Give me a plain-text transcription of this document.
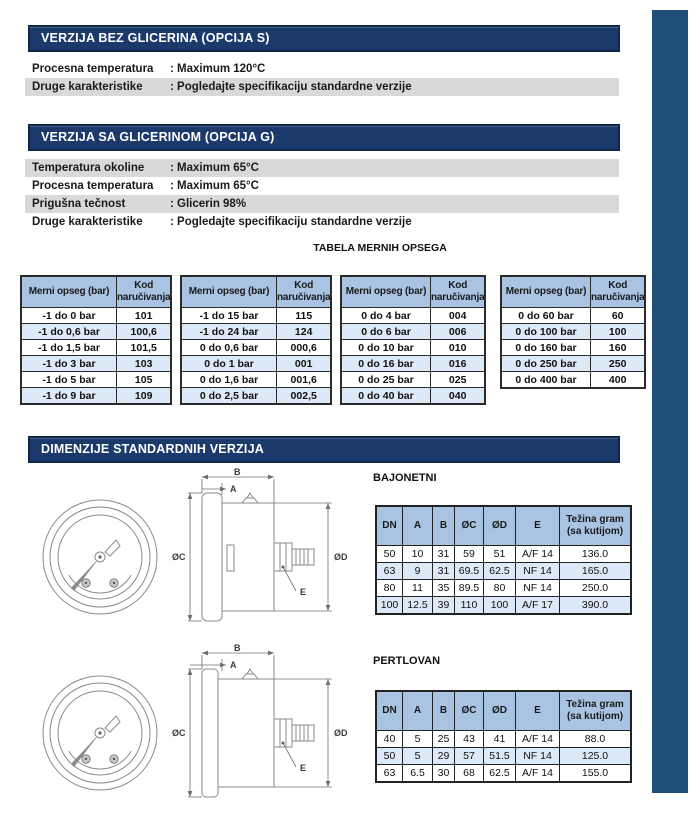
VERZIJA BEZ GLICERINA (OPCIJA S)
Procesna temperatura	: Maximum 120°C
Druge karakteristike	: Pogledajte specifikaciju standardne verzije
VERZIJA SA GLICERINOM (OPCIJA G)
Temperatura okoline	: Maximum 65°C
Procesna temperatura	: Maximum 65°C
Prigušna tečnost	: Glicerin 98%
Druge karakteristike	: Pogledajte specifikaciju standardne verzije
TABELA MERNIH OPSEGA
Merni opseg (bar)	Kod naručivanja
-1 do 0 bar	101
-1 do 0,6 bar	100,6
-1 do 1,5 bar	101,5
-1 do 3 bar	103
-1 do 5 bar	105
-1 do 9 bar	109
Merni opseg (bar)	Kod naručivanja
-1 do 15 bar	115
-1 do 24 bar	124
0 do 0,6 bar	000,6
0 do 1 bar	001
0 do 1,6 bar	001,6
0 do 2,5 bar	002,5
Merni opseg (bar)	Kod naručivanja
0 do 4 bar	004
0 do 6 bar	006
0 do 10 bar	010
0 do 16 bar	016
0 do 25 bar	025
0 do 40 bar	040
Merni opseg (bar)	Kod naručivanja
0 do 60 bar	60
0 do 100 bar	100
0 do 160 bar	160
0 do 250 bar	250
0 do 400 bar	400
DIMENZIJE STANDARDNIH VERZIJA
B
A
ØC	ØD
E
BAJONETNI
DN	A	B	ØC	ØD	E	Težina gram (sa kutijom)
50	10	31	59	51	A/F 14	136.0
63	9	31	69.5	62.5	NF 14	165.0
80	11	35	89.5	80	NF 14	250.0
100	12.5	39	110	100	A/F 17	390.0
B
A
ØC	ØD
E
PERTLOVAN
DN	A	B	ØC	ØD	E	Težina gram (sa kutijom)
40	5	25	43	41	A/F 14	88.0
50	5	29	57	51.5	NF 14	125.0
63	6.5	30	68	62.5	A/F 14	155.0
